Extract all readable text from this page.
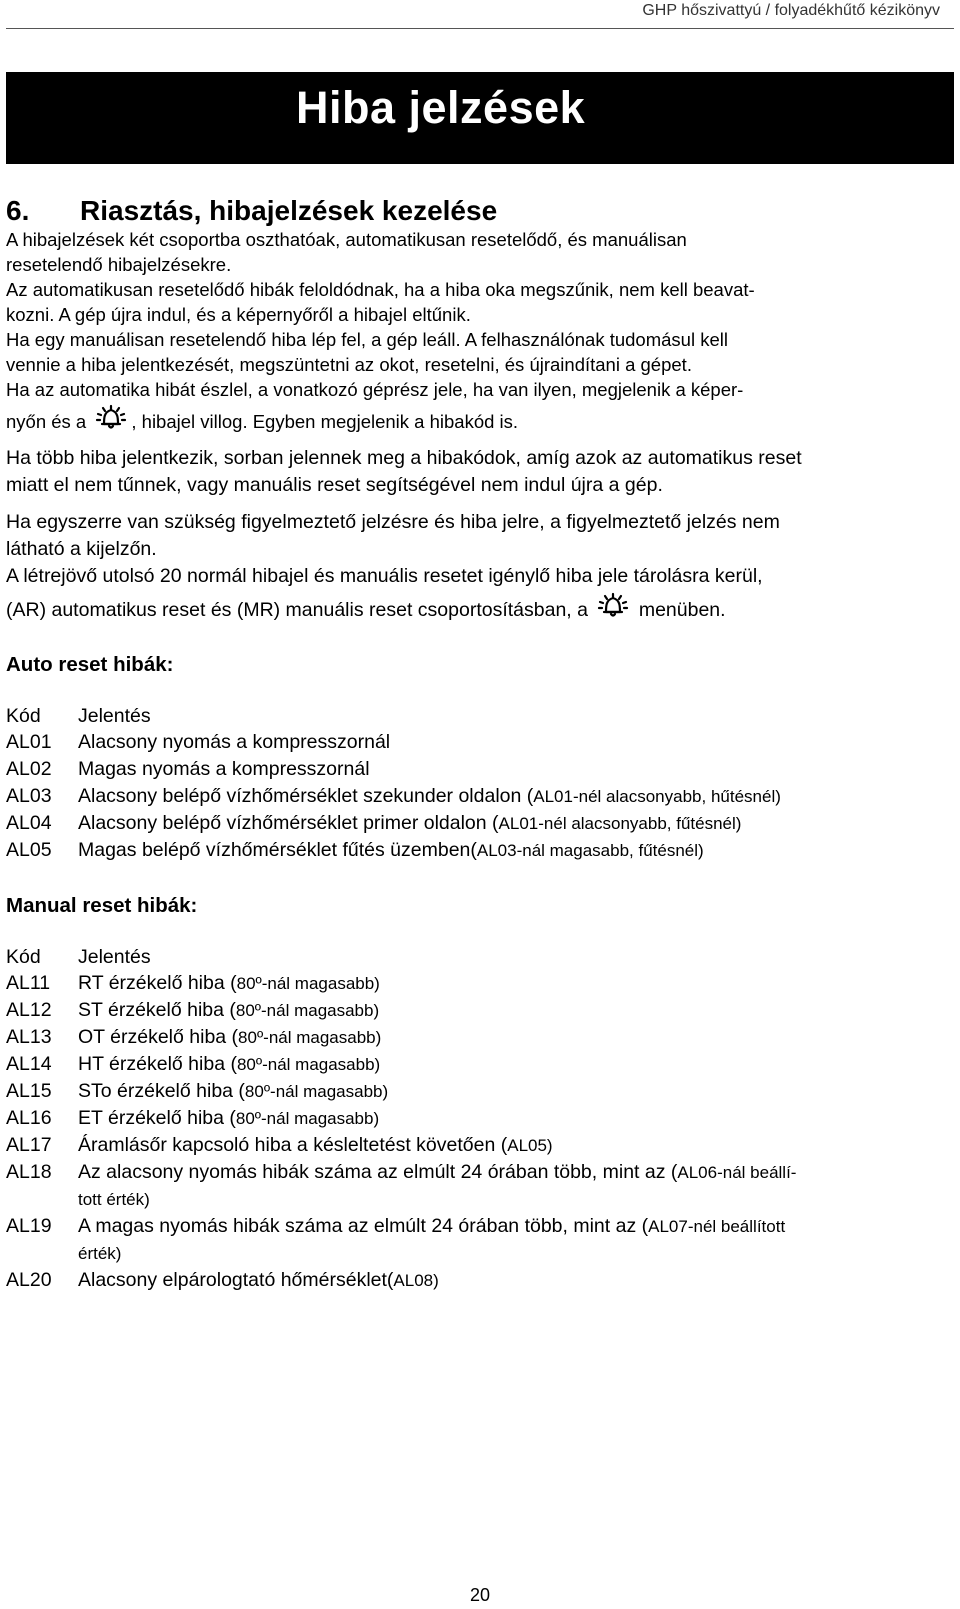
GHP hőszivattyú / folyadékhűtő kézikönyv
Hiba jelzések
6. Riasztás, hibajelzések kezelése

A hibajelzések két csoportba oszthatóak, automatikusan resetelődő, és manuálisan

resetelendő hibajelzésekre.

Az automatikusan resetelődő hibák feloldódnak, ha a hiba oka megszűnik, nem kell beavat-

kozni. A gép újra indul, és a képernyőről a hibajel eltűnik.

Ha egy manuálisan resetelendő hiba lép fel, a gép leáll. A felhasználónak tudomásul kell

vennie a hiba jelentkezését, megszüntetni az okot, resetelni, és újraindítani a gépet.

Ha az automatika hibát észlel, a vonatkozó géprész jele, ha van ilyen, megjelenik a képer-

nyőn és a , hibajel villog. Egyben megjelenik a hibakód is.

Ha több hiba jelentkezik, sorban jelennek meg a hibakódok, amíg azok az automatikus reset

miatt el nem tűnnek, vagy manuális reset segítségével nem indul újra a gép.

Ha egyszerre van szükség figyelmeztető jelzésre és hiba jelre, a figyelmeztető jelzés nem

látható a kijelzőn.

A létrejövő utolsó 20 normál hibajel és manuális resetet igénylő hiba jele tárolásra kerül,

(AR) automatikus reset és (MR) manuális reset csoportosításban, a	menüben.

Auto reset hibák:
Kód	Jelentés
AL01	Alacsony nyomás a kompresszornál
AL02	Magas nyomás a kompresszornál
AL03	Alacsony belépő vízhőmérséklet szekunder oldalon (AL01-nél alacsonyabb, hűtésnél)
AL04	Alacsony belépő vízhőmérséklet primer oldalon (AL01-nél alacsonyabb, fűtésnél)
AL05	Magas belépő vízhőmérséklet fűtés üzemben(AL03-nál magasabb, fűtésnél)
Manual reset hibák:
Kód	Jelentés
AL11	RT érzékelő hiba (80º-nál magasabb)
AL12	ST érzékelő hiba (80º-nál magasabb)
AL13	OT érzékelő hiba (80º-nál magasabb)
AL14	HT érzékelő hiba (80º-nál magasabb)
AL15	STo érzékelő hiba (80º-nál magasabb)
AL16	ET érzékelő hiba (80º-nál magasabb)
AL17	Áramlásőr kapcsoló hiba a késleltetést követően (AL05)
AL18	Az alacsony nyomás hibák száma az elmúlt 24 órában több, mint az (AL06-nál beállí-
tott érték)
AL19	A magas nyomás hibák száma az elmúlt 24 órában több, mint az (AL07-nél beállított
érték)
AL20	Alacsony elpárologtató hőmérséklet(AL08)
20
